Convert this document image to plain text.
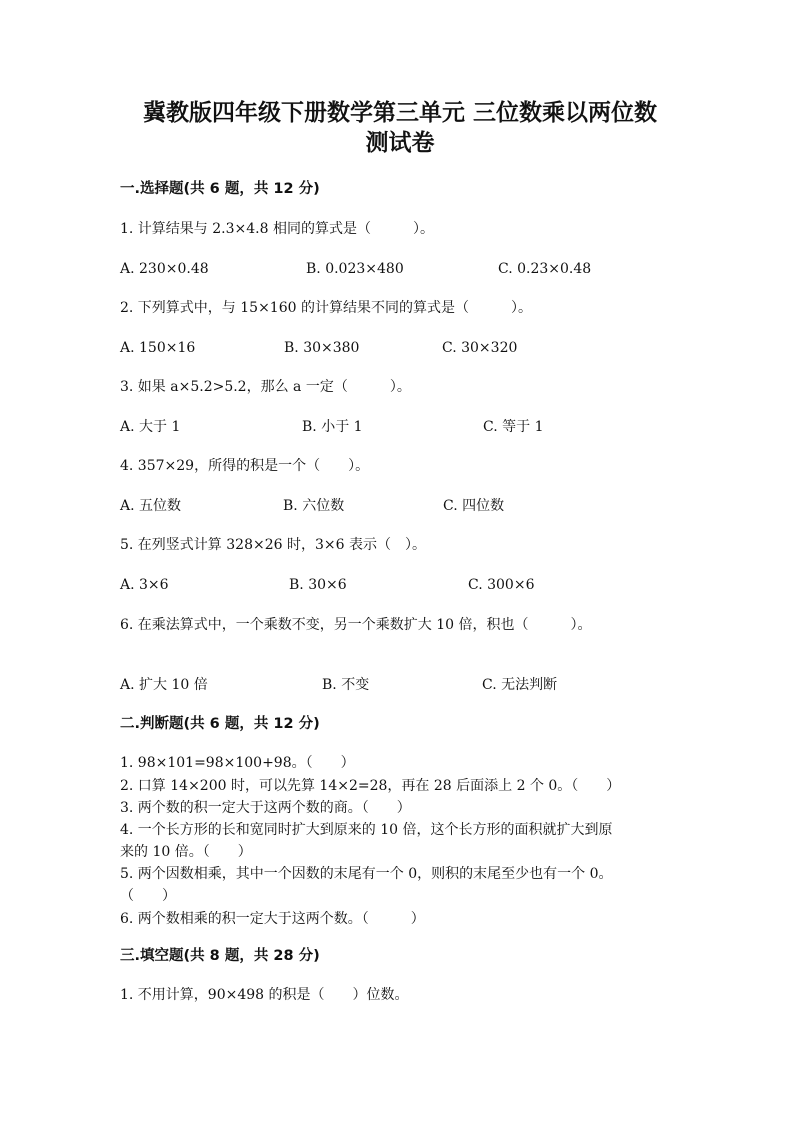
冀教版四年级下册数学第三单元 三位数乘以两位数
测试卷
一.选择题(共 6 题，共 12 分)
1. 计算结果与 2.3×4.8 相同的算式是（　　　）。
A. 230×0.48	B. 0.023×480	C. 0.23×0.48
2. 下列算式中，与 15×160 的计算结果不同的算式是（　　　）。
A. 150×16	B. 30×380	C. 30×320
3. 如果 a×5.2>5.2，那么 a 一定（　　　）。
A. 大于 1	B. 小于 1	C. 等于 1
4. 357×29，所得的积是一个（　　）。
A. 五位数	B. 六位数	C. 四位数
5. 在列竖式计算 328×26 时，3×6 表示（　）。
A. 3×6	B. 30×6	C. 300×6
6. 在乘法算式中，一个乘数不变，另一个乘数扩大 10 倍，积也（　　　）。
A. 扩大 10 倍	B. 不变	C. 无法判断
二.判断题(共 6 题，共 12 分)
1. 98×101=98×100+98。（　　）
2. 口算 14×200 时，可以先算 14×2=28，再在 28 后面添上 2 个 0。（　　）
3. 两个数的积一定大于这两个数的商。（　　）
4. 一个长方形的长和宽同时扩大到原来的 10 倍，这个长方形的面积就扩大到原
来的 10 倍。（　　）
5. 两个因数相乘，其中一个因数的末尾有一个 0，则积的末尾至少也有一个 0。
（　　）
6. 两个数相乘的积一定大于这两个数。（　　　）
三.填空题(共 8 题，共 28 分)
1. 不用计算，90×498 的积是（　　）位数。
